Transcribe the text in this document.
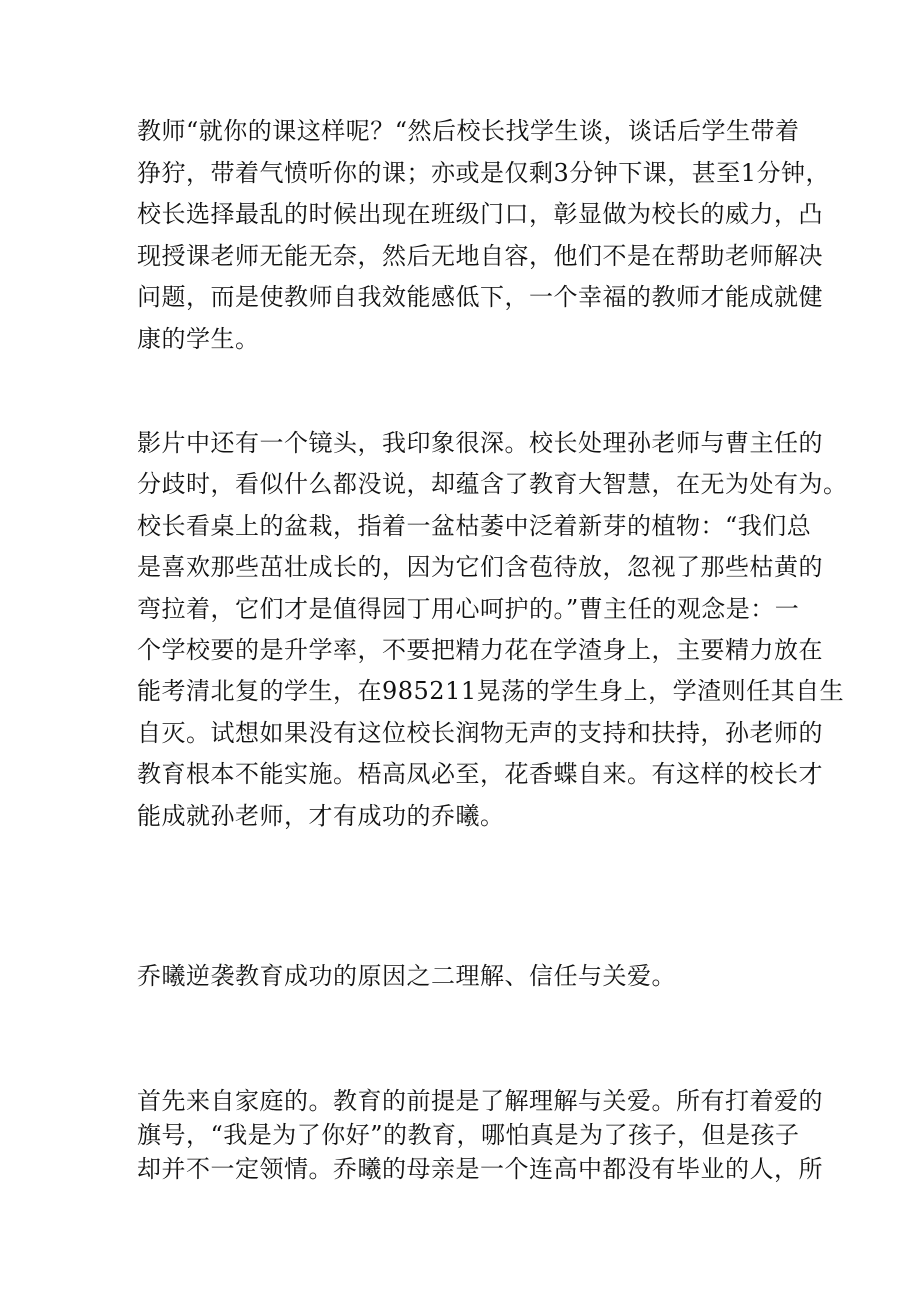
教师“就你的课这样呢？“然后校长找学生谈，谈话后学生带着
狰狞，带着气愤听你的课；亦或是仅剩3分钟下课，甚至1分钟，
校长选择最乱的时候出现在班级门口，彰显做为校长的威力，凸
现授课老师无能无奈，然后无地自容，他们不是在帮助老师解决
问题，而是使教师自我效能感低下，一个幸福的教师才能成就健
康的学生。
影片中还有一个镜头，我印象很深。校长处理孙老师与曹主任的
分歧时，看似什么都没说，却蕴含了教育大智慧，在无为处有为。
校长看桌上的盆栽，指着一盆枯萎中泛着新芽的植物：“我们总
是喜欢那些茁壮成长的，因为它们含苞待放，忽视了那些枯黄的
弯拉着，它们才是值得园丁用心呵护的。”曹主任的观念是：一
个学校要的是升学率，不要把精力花在学渣身上，主要精力放在
能考清北复的学生，在985211晃荡的学生身上，学渣则任其自生
自灭。试想如果没有这位校长润物无声的支持和扶持，孙老师的
教育根本不能实施。梧高凤必至，花香蝶自来。有这样的校长才
能成就孙老师，才有成功的乔曦。
乔曦逆袭教育成功的原因之二理解、信任与关爱。
首先来自家庭的。教育的前提是了解理解与关爱。所有打着爱的
旗号，“我是为了你好”的教育，哪怕真是为了孩子，但是孩子
却并不一定领情。乔曦的母亲是一个连高中都没有毕业的人，所
